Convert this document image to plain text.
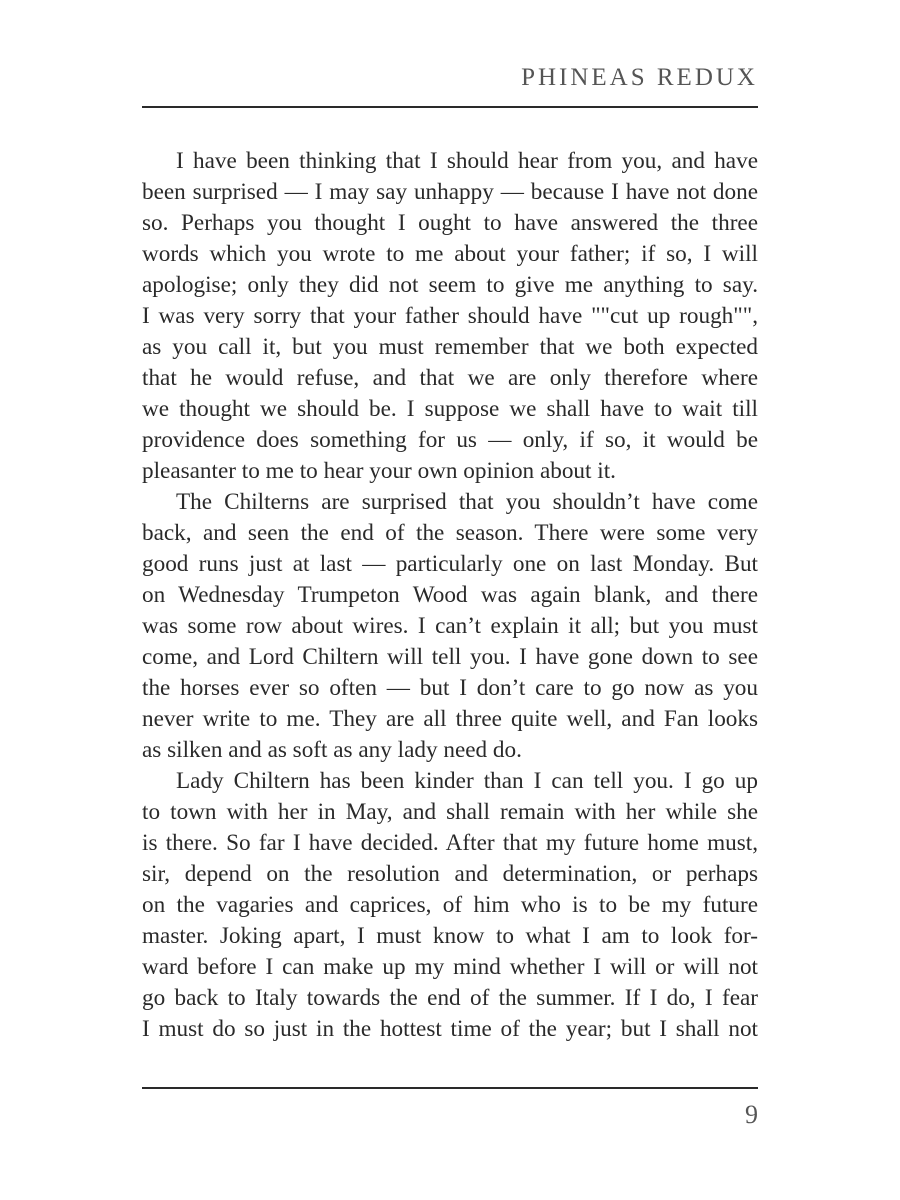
PHINEAS REDUX
I have been thinking that I should hear from you, and have
been surprised — I may say unhappy — because I have not done
so. Perhaps you thought I ought to have answered the three
words which you wrote to me about your father; if so, I will
apologise; only they did not seem to give me anything to say.
I was very sorry that your father should have ""cut up rough"",
as you call it, but you must remember that we both expected
that he would refuse, and that we are only therefore where
we thought we should be. I suppose we shall have to wait till
providence does something for us — only, if so, it would be
pleasanter to me to hear your own opinion about it.
The Chilterns are surprised that you shouldn’t have come
back, and seen the end of the season. There were some very
good runs just at last — particularly one on last Monday. But
on Wednesday Trumpeton Wood was again blank, and there
was some row about wires. I can’t explain it all; but you must
come, and Lord Chiltern will tell you. I have gone down to see
the horses ever so often — but I don’t care to go now as you
never write to me. They are all three quite well, and Fan looks
as silken and as soft as any lady need do.
Lady Chiltern has been kinder than I can tell you. I go up
to town with her in May, and shall remain with her while she
is there. So far I have decided. After that my future home must,
sir, depend on the resolution and determination, or perhaps
on the vagaries and caprices, of him who is to be my future
master. Joking apart, I must know to what I am to look for-
ward before I can make up my mind whether I will or will not
go back to Italy towards the end of the summer. If I do, I fear
I must do so just in the hottest time of the year; but I shall not
9
